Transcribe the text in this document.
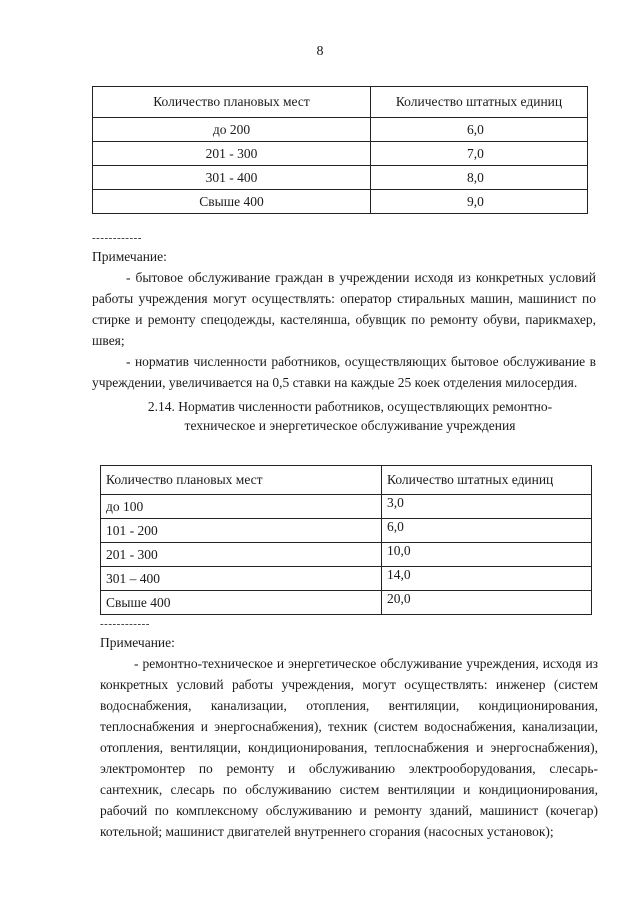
8
Количество плановых мест	Количество штатных единиц
до 200	6,0
201 - 300	7,0
301 - 400	8,0
Свыше 400	9,0
------------

Примечание:

- бытовое обслуживание граждан в учреждении исходя из конкретных условий работы учреждения могут осуществлять: оператор стиральных машин, машинист по стирке и ремонту спецодежды, кастелянша, обувщик по ремонту обуви, парикмахер, швея;

- норматив численности работников, осуществляющих бытовое обслуживание в учреждении, увеличивается на 0,5 ставки на каждые 25 коек отделения милосердия.

2.14. Норматив численности работников, осуществляющих ремонтно-техническое и энергетическое обслуживание учреждения
Количество плановых мест	Количество штатных единиц
до 100	3,0
101 - 200	6,0
201 - 300	10,0
301 – 400	14,0
Свыше 400	20,0
------------

Примечание:

- ремонтно-техническое и энергетическое обслуживание учреждения, исходя из конкретных условий работы учреждения, могут осуществлять: инженер (систем водоснабжения, канализации, отопления, вентиляции, кондиционирования, теплоснабжения и энергоснабжения), техник (систем водоснабжения, канализации, отопления, вентиляции, кондиционирования, теплоснабжения и энергоснабжения), электромонтер по ремонту и обслуживанию электрооборудования, слесарь-сантехник, слесарь по обслуживанию систем вентиляции и кондиционирования, рабочий по комплексному обслуживанию и ремонту зданий, машинист (кочегар) котельной; машинист двигателей внутреннего сгорания (насосных установок);
